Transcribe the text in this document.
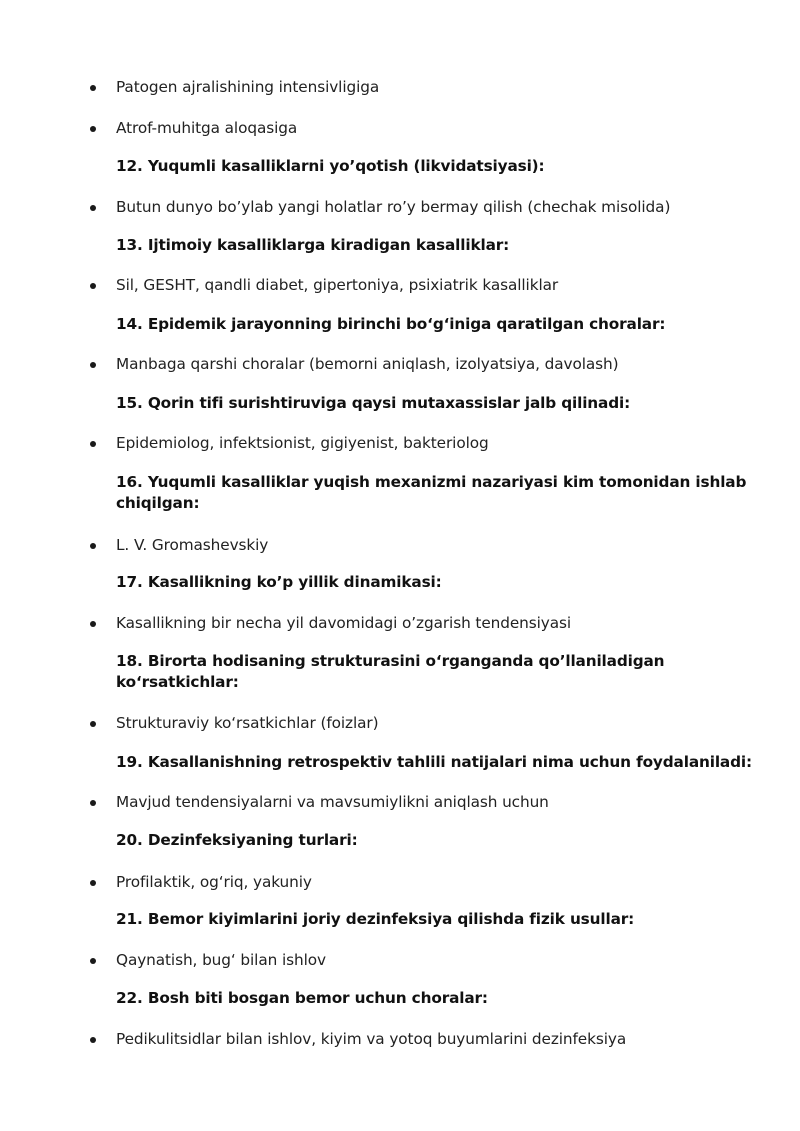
Patogen ajralishining intensivligiga
Atrof-muhitga aloqasiga
12. Yuqumli kasalliklarni yo’qotish (likvidatsiyasi):
Butun dunyo bo’ylab yangi holatlar ro’y bermay qilish (chechak misolida)
13. Ijtimoiy kasalliklarga kiradigan kasalliklar:
Sil, GESHT, qandli diabet, gipertoniya, psixiatrik kasalliklar
14. Epidemik jarayonning birinchi bo‘g‘iniga qaratilgan choralar:
Manbaga qarshi choralar (bemorni aniqlash, izolyatsiya, davolash)
15. Qorin tifi surishtiruviga qaysi mutaxassislar jalb qilinadi:
Epidemiolog, infektsionist, gigiyenist, bakteriolog
16. Yuqumli kasalliklar yuqish mexanizmi nazariyasi kim tomonidan ishlab chiqilgan:
L. V. Gromashevskiy
17. Kasallikning ko’p yillik dinamikasi:
Kasallikning bir necha yil davomidagi o’zgarish tendensiyasi
18. Birorta hodisaning strukturasini o‘rganganda qo’llaniladigan ko‘rsatkichlar:
Strukturaviy ko‘rsatkichlar (foizlar)
19. Kasallanishning retrospektiv tahlili natijalari nima uchun foydalaniladi:
Mavjud tendensiyalarni va mavsumiylikni aniqlash uchun
20. Dezinfeksiyaning turlari:
Profilaktik, og‘riq, yakuniy
21. Bemor kiyimlarini joriy dezinfeksiya qilishda fizik usullar:
Qaynatish, bug‘ bilan ishlov
22. Bosh biti bosgan bemor uchun choralar:
Pedikulitsidlar bilan ishlov, kiyim va yotoq buyumlarini dezinfeksiya
